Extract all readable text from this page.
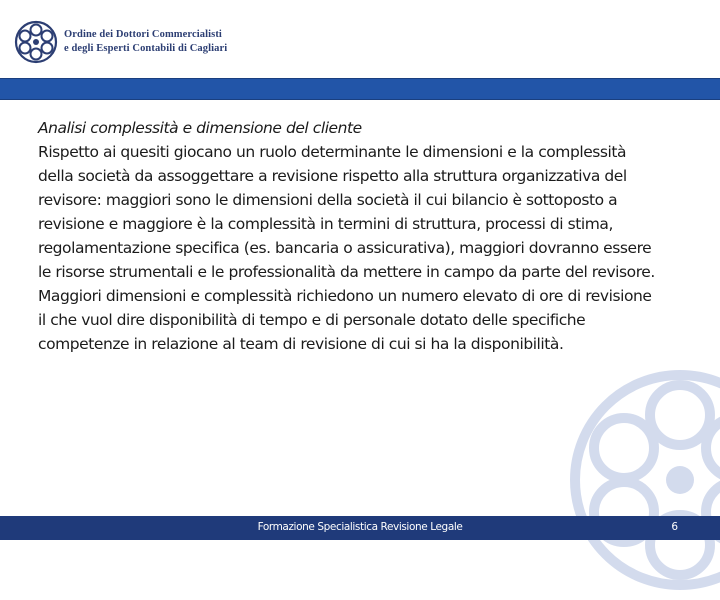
Ordine dei Dottori Commercialisti
e degli Esperti Contabili di Cagliari

Analisi complessità e dimensione del cliente

Rispetto ai quesiti giocano un ruolo determinante le dimensioni e la complessità della società da assoggettare a revisione rispetto alla struttura organizzativa del revisore: maggiori sono le dimensioni della società il cui bilancio è sottoposto a revisione e maggiore è la complessità in termini di struttura, processi di stima, regolamentazione specifica (es. bancaria o assicurativa), maggiori dovranno essere le risorse strumentali e le professionalità da mettere in campo da parte del revisore.

Maggiori dimensioni e complessità richiedono un numero elevato di ore di revisione il che vuol dire disponibilità di tempo e di personale dotato delle specifiche competenze in relazione al team di revisione di cui si ha la disponibilità.

Formazione Specialistica Revisione Legale	6
